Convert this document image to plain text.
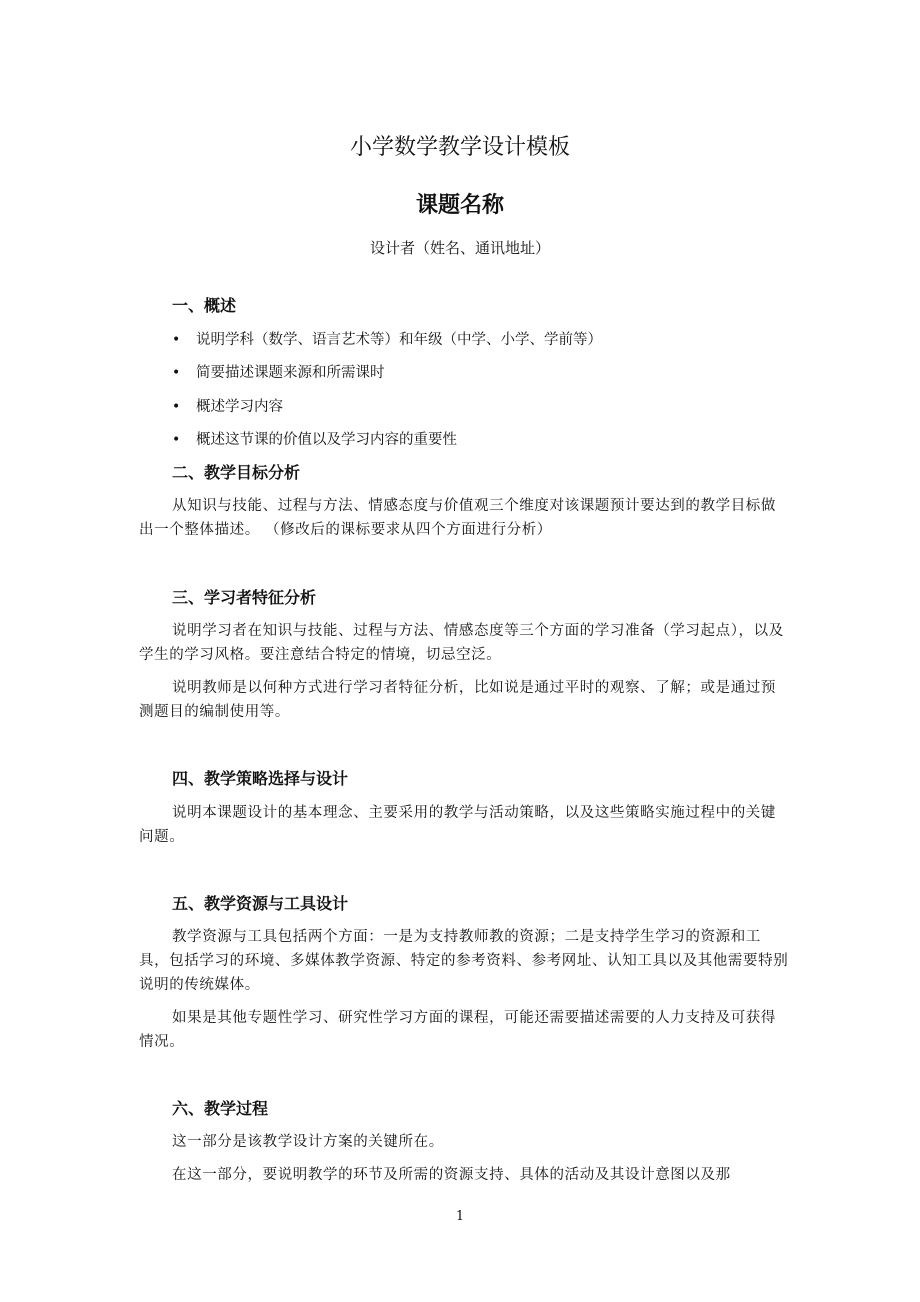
小学数学教学设计模板
课题名称
设计者（姓名、通讯地址）
一、概述
• 说明学科（数学、语言艺术等）和年级（中学、小学、学前等）
• 简要描述课题来源和所需课时
• 概述学习内容
• 概述这节课的价值以及学习内容的重要性
二、教学目标分析
从知识与技能、过程与方法、情感态度与价值观三个维度对该课题预计要达到的教学目标做出一个整体描述。 （修改后的课标要求从四个方面进行分析）
三、学习者特征分析
说明学习者在知识与技能、过程与方法、情感态度等三个方面的学习准备（学习起点），以及学生的学习风格。要注意结合特定的情境，切忌空泛。
说明教师是以何种方式进行学习者特征分析，比如说是通过平时的观察、了解；或是通过预测题目的编制使用等。
四、教学策略选择与设计
说明本课题设计的基本理念、主要采用的教学与活动策略，以及这些策略实施过程中的关键问题。
五、教学资源与工具设计
教学资源与工具包括两个方面：一是为支持教师教的资源；二是支持学生学习的资源和工具，包括学习的环境、多媒体教学资源、特定的参考资料、参考网址、认知工具以及其他需要特别说明的传统媒体。
如果是其他专题性学习、研究性学习方面的课程，可能还需要描述需要的人力支持及可获得情况。
六、教学过程
这一部分是该教学设计方案的关键所在。
在这一部分，要说明教学的环节及所需的资源支持、具体的活动及其设计意图以及那
1
